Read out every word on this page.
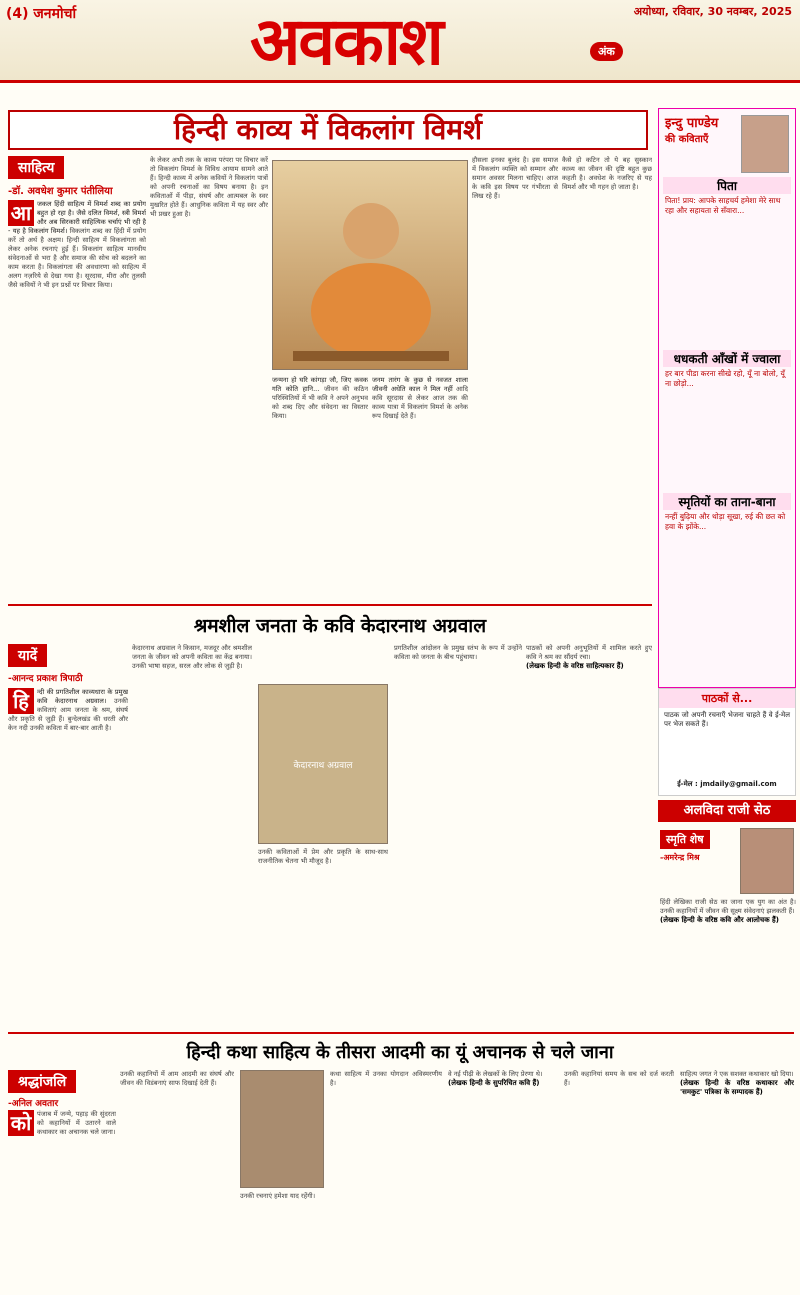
(4) जनमोर्चा	अवकाश	अंक
अयोध्या, रविवार, 30 नवम्बर, 2025
हिन्दी काव्य में विकलांग विमर्श
साहित्य
-डॉ. अवधेश कुमार पंतीलिया
आ जकल हिंदी साहित्य में विमर्श शब्द का प्रयोग बहुत हो रहा है। जैसे दलित विमर्श, स्त्री विमर्श और अब सिरकारी साहित्यिक चर्चाएं भी रही है - यह है विकलांग विमर्श। विकलांग शब्द का हिंदी में प्रयोग करें तो अर्थ है अक्षम। हिन्दी साहित्य में विकलांगता को लेकर अनेक रचनाएं हुई हैं। विकलांग साहित्य मानवीय संवेदनाओं से भरा है और समाज की सोच को बदलने का काम करता है। विकलांगता की अवधारणा को साहित्य में अलग नज़रिये से देखा गया है। सूरदास, मीरा और तुलसी जैसे कवियों ने भी इन प्रश्नों पर विचार किया।
के लेकर अभी तक के काव्य परंपरा पर विचार करें तो विकलांग विमर्श के विविध आयाम सामने आते हैं। हिन्दी काव्य में अनेक कवियों ने विकलांग पात्रों को अपनी रचनाओं का विषय बनाया है। इन कविताओं में पीड़ा, संघर्ष और आत्मबल के स्वर मुखरित होते हैं। आधुनिक कविता में यह स्वर और भी प्रखर हुआ है।
जन्मना हो घरि कांगड़ा जौ, जिए कवक गति कोति हानि... जीवन की कठिन परिस्थितियों में भी कवि ने अपने अनुभव को शब्द दिए और संवेदना का विस्तार किया।
जनम तारंग के कुछ से नवजत शाला जीवनी अधेति काल ने मिल नहीं आदि कवि सूरदास से लेकर आज तक की काव्य यात्रा में विकलांग विमर्श के अनेक रूप दिखाई देते हैं।
हौसला इनका बुलंद है। इस समाज में विकलांग व्यक्ति को सम्मान और समान अवसर मिलना चाहिए। आज के कवि इस विषय पर गंभीरता से लिख रहे हैं।
कैसे हो कटिन तो ये बह सुस्कान काव्य का जीवन की दृष्टि बहुत कुछ कहती है। अवधेश के नजरिए से यह विमर्श और भी गहन हो जाता है।
इन्दु पाण्डेय
की कविताएँ
पिता
पिता! प्राय: आपके साहचर्य हमेशा मेरे साथ रहा और सहायता से सँवारा...
धधकती आँखों में ज्वाला
हर बार पीडा करना सीखे रहो, यूँ ना बोलो, यूँ ना छोड़ो...
स्मृतियों का ताना-बाना
नन्हीं बुढ़िया और थोड़ा सूखा, रुई की छत को हवा के झोंके...
श्रमशील जनता के कवि केदारनाथ अग्रवाल
यादें
-आनन्द प्रकाश त्रिपाठी
हि	न्दी की प्रगतिशील काव्यधारा के प्रमुख कवि केदारनाथ अग्रवाल। उनकी कविताएं आम जनता के श्रम, संघर्ष और प्रकृति से जुड़ी हैं। बुन्देलखंड की धरती और केन नदी उनकी कविता में बार-बार आती है।
केदारनाथ अग्रवाल ने किसान, मजदूर और श्रमशील जनता के जीवन को अपनी कविता का केंद्र बनाया। उनकी भाषा सहज, सरल और लोक से जुड़ी है।
केदारनाथ अग्रवाल
उनकी कविताओं में प्रेम और प्रकृति के साथ-साथ राजनीतिक चेतना भी मौजूद है।
प्रगतिशील आंदोलन के प्रमुख स्तंभ के रूप में उन्होंने कविता को जनता के बीच पहुंचाया।
पाठकों को अपनी अनुभूतियों में शामिल करते हुए कवि ने श्रम का सौंदर्य रचा।
(लेखक हिन्दी के वरिष्ठ साहित्यकार हैं)
पाठकों से...
पाठक जो अपनी रचनाएँ भेजना चाहते हैं वे ई-मेल पर भेज सकते हैं।
ई-मेल : jmdaily@gmail.com
अलविदा राजी सेठ
स्मृति शेष
-अमरेन्द्र मिश्र
हिंदी लेखिका राजी सेठ का जाना एक युग का अंत है। उनकी कहानियों में जीवन की सूक्ष्म संवेदनाएं झलकती हैं।
(लेखक हिन्दी के वरिष्ठ कवि और आलोचक हैं)
हिन्दी कथा साहित्य के तीसरा आदमी का यूं अचानक से चले जाना
श्रद्धांजलि
-अनिल अवतार
को पंजाब में जन्मे, पहाड़ की सुंदरता को कहानियों में उतारने वाले कथाकार का अचानक चले जाना।
उनकी कहानियों में आम आदमी का संघर्ष और जीवन की विडंबनाएं साफ दिखाई देती हैं।
उनकी रचनाएं हमेशा याद रहेंगी।
कथा साहित्य में उनका योगदान अविस्मरणीय है।
वे नई पीढ़ी के लेखकों के लिए प्रेरणा थे।
(लेखक हिन्दी के सुपरिचित कवि हैं)
उनकी कहानियां समय के सच को दर्ज करती हैं।
साहित्य जगत ने एक सशक्त कथाकार खो दिया।
(लेखक हिन्दी के वरिष्ठ कथाकार और 'समकुट' पत्रिका के सम्पादक हैं)
